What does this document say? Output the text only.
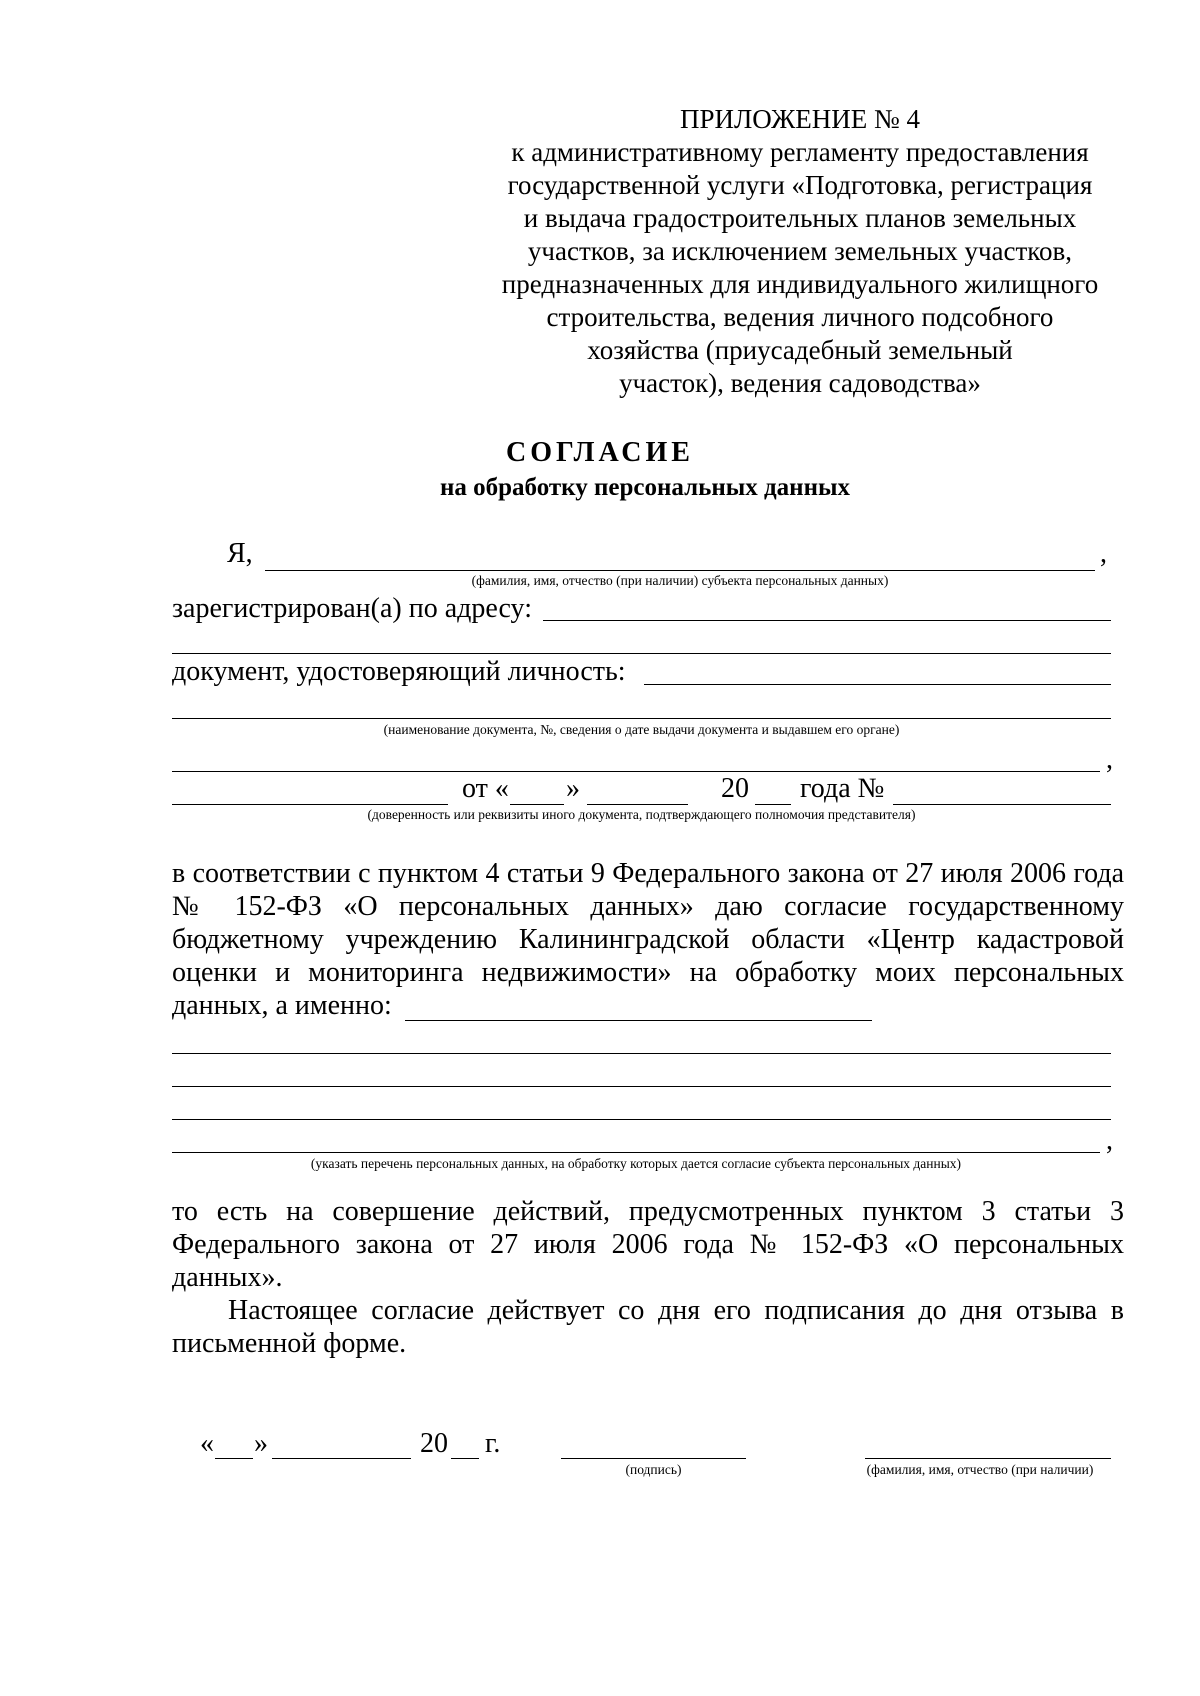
ПРИЛОЖЕНИЕ № 4
к административному регламенту предоставления
государственной услуги «Подготовка, регистрация
и выдача градостроительных планов земельных
участков, за исключением земельных участков,
предназначенных для индивидуального жилищного
строительства, ведения личного подсобного
хозяйства (приусадебный земельный
участок), ведения садоводства»
СОГЛАСИЕ
на обработку персональных данных
Я,	,
(фамилия, имя, отчество (при наличии) субъекта персональных данных)
зарегистрирован(а) по адресу:
документ, удостоверяющий личность:
(наименование документа, №, сведения о дате выдачи документа и выдавшем его органе)
,
от « »	20 года №
(доверенность или реквизиты иного документа, подтверждающего полномочия представителя)
в соответствии с пунктом 4 статьи 9 Федерального закона от 27 июля 2006 года
№ 152-ФЗ «О персональных данных» даю согласие государственному
бюджетному учреждению Калининградской области «Центр кадастровой
оценки и мониторинга недвижимости» на обработку моих персональных
данных, а именно:
,
(указать перечень персональных данных, на обработку которых дается согласие субъекта персональных данных)
то есть на совершение действий, предусмотренных пунктом 3 статьи 3
Федерального закона от 27 июля 2006 года № 152-ФЗ «О персональных
данных».
Настоящее согласие действует со дня его подписания до дня отзыва в
письменной форме.
« »	20 г.
(подпись)	(фамилия, имя, отчество (при наличии)
